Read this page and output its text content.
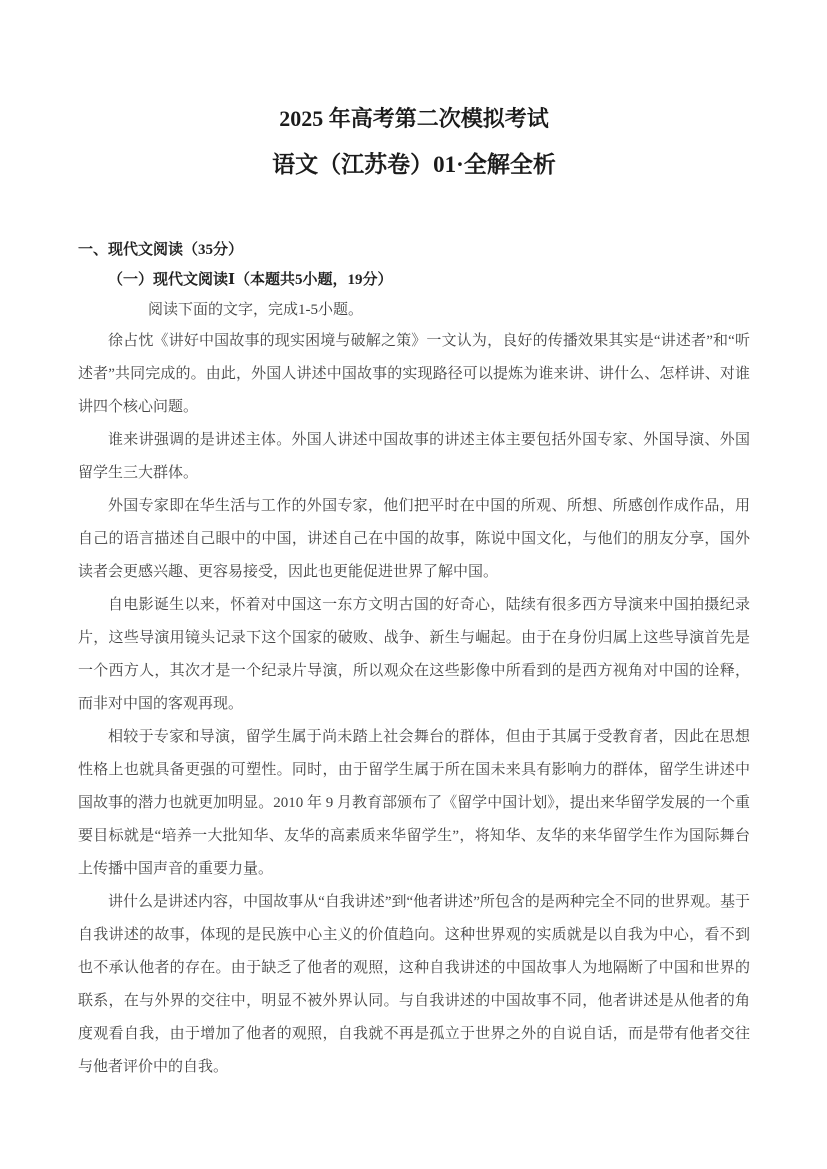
2025 年高考第二次模拟考试
语文（江苏卷）01·全解全析

一、现代文阅读（35分）

（一）现代文阅读Ⅰ（本题共5小题，19分）

阅读下面的文字，完成1-5小题。

徐占忱《讲好中国故事的现实困境与破解之策》一文认为，良好的传播效果其实是“讲述者”和“听述者”共同完成的。由此，外国人讲述中国故事的实现路径可以提炼为谁来讲、讲什么、怎样讲、对谁讲四个核心问题。

谁来讲强调的是讲述主体。外国人讲述中国故事的讲述主体主要包括外国专家、外国导演、外国留学生三大群体。

外国专家即在华生活与工作的外国专家，他们把平时在中国的所观、所想、所感创作成作品，用自己的语言描述自己眼中的中国，讲述自己在中国的故事，陈说中国文化，与他们的朋友分享，国外读者会更感兴趣、更容易接受，因此也更能促进世界了解中国。

自电影诞生以来，怀着对中国这一东方文明古国的好奇心，陆续有很多西方导演来中国拍摄纪录片，这些导演用镜头记录下这个国家的破败、战争、新生与崛起。由于在身份归属上这些导演首先是一个西方人，其次才是一个纪录片导演，所以观众在这些影像中所看到的是西方视角对中国的诠释，而非对中国的客观再现。

相较于专家和导演，留学生属于尚未踏上社会舞台的群体，但由于其属于受教育者，因此在思想性格上也就具备更强的可塑性。同时，由于留学生属于所在国未来具有影响力的群体，留学生讲述中国故事的潜力也就更加明显。2010 年 9 月教育部颁布了《留学中国计划》，提出来华留学发展的一个重要目标就是“培养一大批知华、友华的高素质来华留学生”，将知华、友华的来华留学生作为国际舞台上传播中国声音的重要力量。

讲什么是讲述内容，中国故事从“自我讲述”到“他者讲述”所包含的是两种完全不同的世界观。基于自我讲述的故事，体现的是民族中心主义的价值趋向。这种世界观的实质就是以自我为中心，看不到也不承认他者的存在。由于缺乏了他者的观照，这种自我讲述的中国故事人为地隔断了中国和世界的联系，在与外界的交往中，明显不被外界认同。与自我讲述的中国故事不同，他者讲述是从他者的角度观看自我，由于增加了他者的观照，自我就不再是孤立于世界之外的自说自话，而是带有他者交往与他者评价中的自我。
